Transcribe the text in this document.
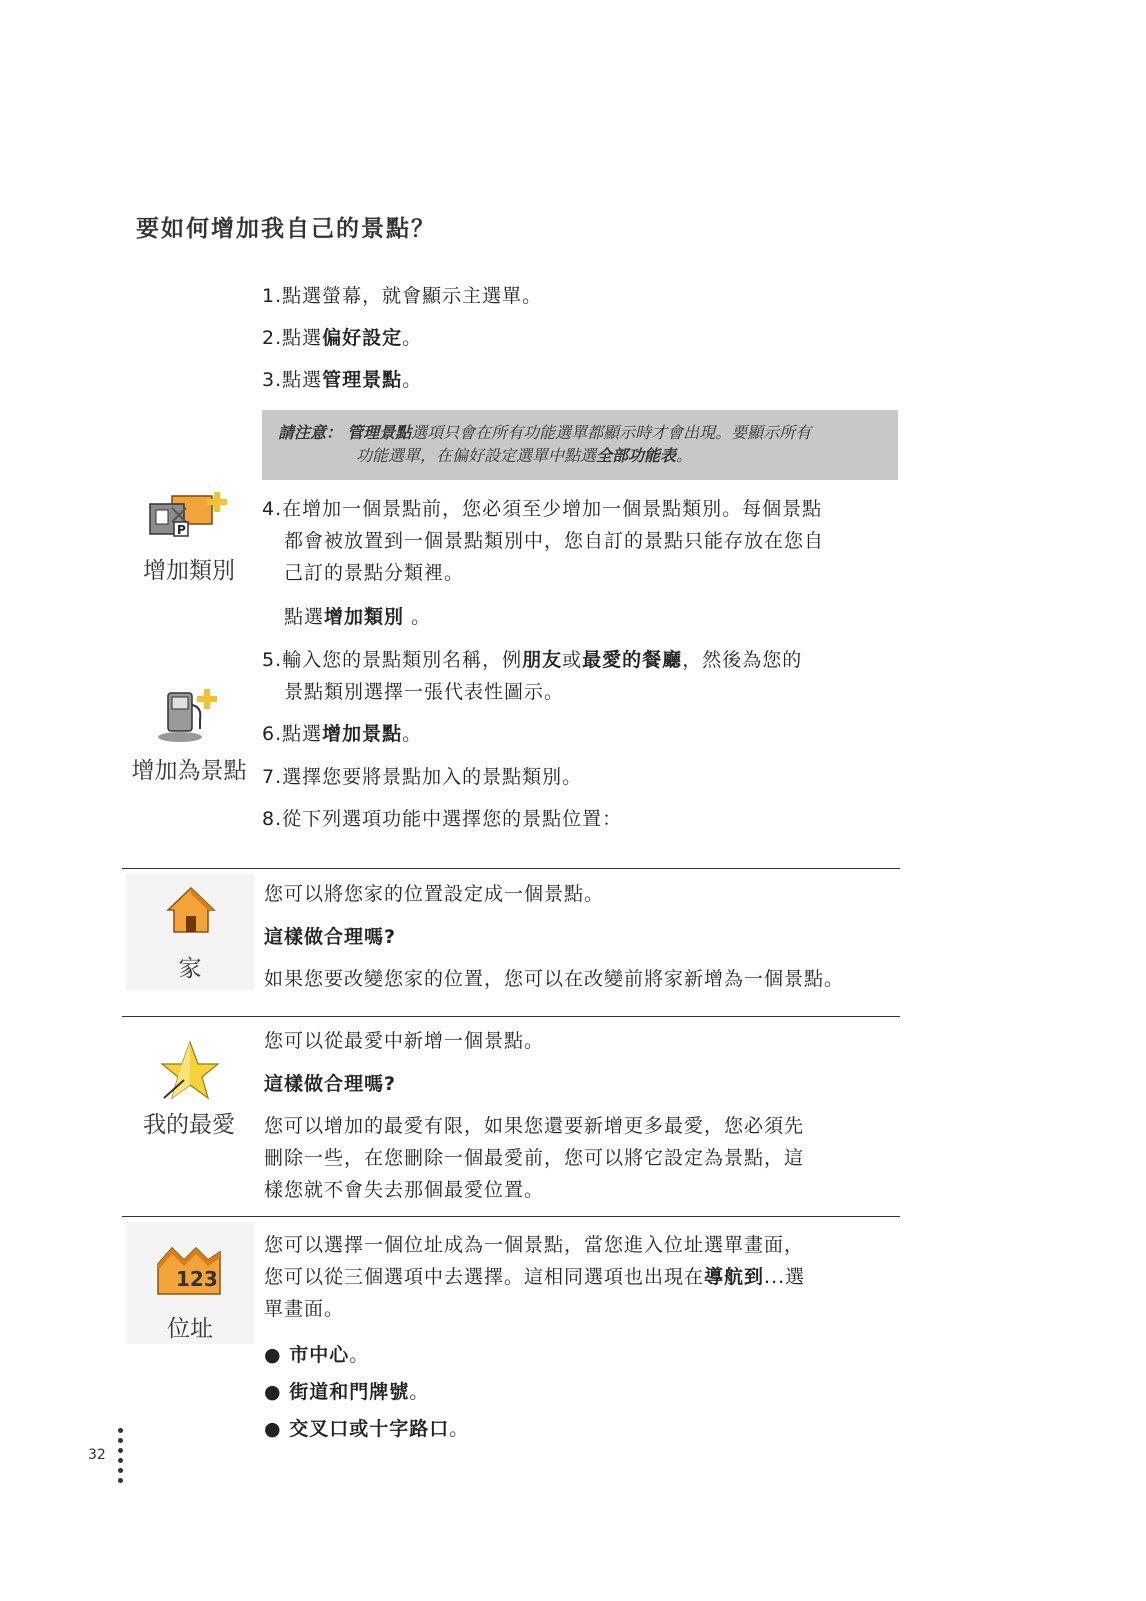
要如何增加我自己的景點？
1.點選螢幕，就會顯示主選單。
2.點選偏好設定。
3.點選管理景點。
請注意： 管理景點選項只會在所有功能選單都顯示時才會出現。要顯示所有
功能選單，在偏好設定選單中點選全部功能表。
P
增加類別
4.在增加一個景點前，您必須至少增加一個景點類別。每個景點
都會被放置到一個景點類別中，您自訂的景點只能存放在您自
己訂的景點分類裡。
點選增加類別 。
5.輸入您的景點類別名稱，例朋友或最愛的餐廳，然後為您的
景點類別選擇一張代表性圖示。
增加為景點
6.點選增加景點。
7.選擇您要將景點加入的景點類別。
8.從下列選項功能中選擇您的景點位置：
家
您可以將您家的位置設定成一個景點。
這樣做合理嗎?
如果您要改變您家的位置，您可以在改變前將家新增為一個景點。
我的最愛
您可以從最愛中新增一個景點。
這樣做合理嗎?
您可以增加的最愛有限，如果您還要新增更多最愛，您必須先
刪除一些，在您刪除一個最愛前，您可以將它設定為景點，這
樣您就不會失去那個最愛位置。
123
位址
您可以選擇一個位址成為一個景點，當您進入位址選單畫面，
您可以從三個選項中去選擇。這相同選項也出現在導航到...選
單畫面。
● 市中心。
● 街道和門牌號。
● 交叉口或十字路口。
32
